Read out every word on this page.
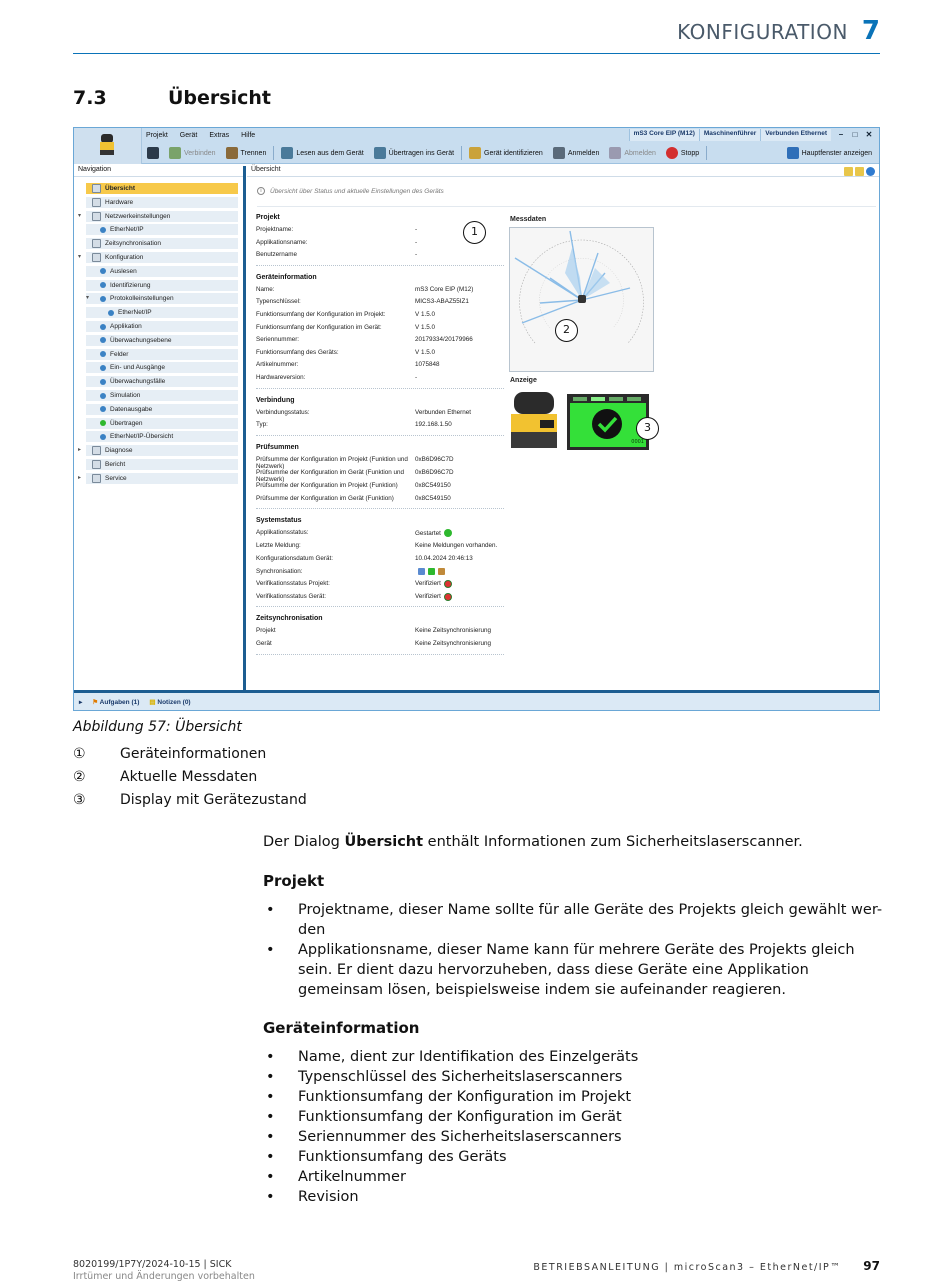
KONFIGURATION 7
7.3	Übersicht
Projekt Gerät Extras Hilfe	mS3 Core EIP (M12)	Maschinenführer	Verbunden Ethernet	–	□	✕
Verbinden	Trennen	Lesen aus dem Gerät	Übertragen ins Gerät	Gerät identifizieren	Anmelden	Abmelden	Stopp	Hauptfenster anzeigen
Navigation
Übersicht
Hardware
▾	Netzwerkeinstellungen
EtherNet/IP
Zeitsynchronisation
▾	Konfiguration
Auslesen
Identifizierung
▾	Protokolleinstellungen
EtherNet/IP
Applikation
Überwachungsebene
Felder
Ein- und Ausgänge
Überwachungsfälle
Simulation
Datenausgabe
Übertragen
EtherNet/IP-Übersicht
▸	Diagnose
Bericht
▸	Service
Übersicht
i	Übersicht über Status und aktuelle Einstellungen des Geräts
Projekt
Projektname:	-
Applikationsname:	-
Benutzername	-
Geräteinformation
Name:	mS3 Core EIP (M12)
Typenschlüssel:	MICS3-ABAZ55IZ1
Funktionsumfang der Konfiguration im Projekt:	V 1.5.0
Funktionsumfang der Konfiguration im Gerät:	V 1.5.0
Seriennummer:	20179334/20179966
Funktionsumfang des Geräts:	V 1.5.0
Artikelnummer:	1075848
Hardwareversion:	-
Verbindung
Verbindungsstatus:	Verbunden Ethernet
Typ:	192.168.1.50
Prüfsummen
Prüfsumme der Konfiguration im Projekt (Funktion und Netzwerk)
0xB6D96C7D
Prüfsumme der Konfiguration im Gerät (Funktion und Netzwerk)
0xB6D96C7D
Prüfsumme der Konfiguration im Projekt (Funktion)	0x8C549150
Prüfsumme der Konfiguration im Gerät (Funktion)	0x8C549150
Systemstatus
Applikationsstatus:	Gestartet
Letzte Meldung:	Keine Meldungen vorhanden.
Konfigurationsdatum Gerät:	10.04.2024 20:46:13
Synchronisation:
Verifikationsstatus Projekt:	Verifiziert
Verifikationsstatus Gerät:	Verifiziert
Zeitsynchronisation
Projekt	Keine Zeitsynchronisierung
Gerät	Keine Zeitsynchronisierung
Messdaten
Anzeige
0001
1
2
3
▸ ⚑ Aufgaben (1) ▤ Notizen (0)
Abbildung 57: Übersicht
① Geräteinformationen
② Aktuelle Messdaten
③ Display mit Gerätezustand
Der Dialog Übersicht enthält Informationen zum Sicherheitslaserscanner.
Projekt
• Projektname, dieser Name sollte für alle Geräte des Projekts gleich gewählt wer-den
• Applikationsname, dieser Name kann für mehrere Geräte des Projekts gleich sein. Er dient dazu hervorzuheben, dass diese Geräte eine Applikation gemeinsam lösen, beispielsweise indem sie aufeinander reagieren.
Geräteinformation
• Name, dient zur Identifikation des Einzelgeräts
• Typenschlüssel des Sicherheitslaserscanners
• Funktionsumfang der Konfiguration im Projekt
• Funktionsumfang der Konfiguration im Gerät
• Seriennummer des Sicherheitslaserscanners
• Funktionsumfang des Geräts
• Artikelnummer
• Revision
8020199/1P7Y/2024-10-15 | SICK
Irrtümer und Änderungen vorbehalten
BETRIEBSANLEITUNG | microScan3 – EtherNet/IP™ 97
